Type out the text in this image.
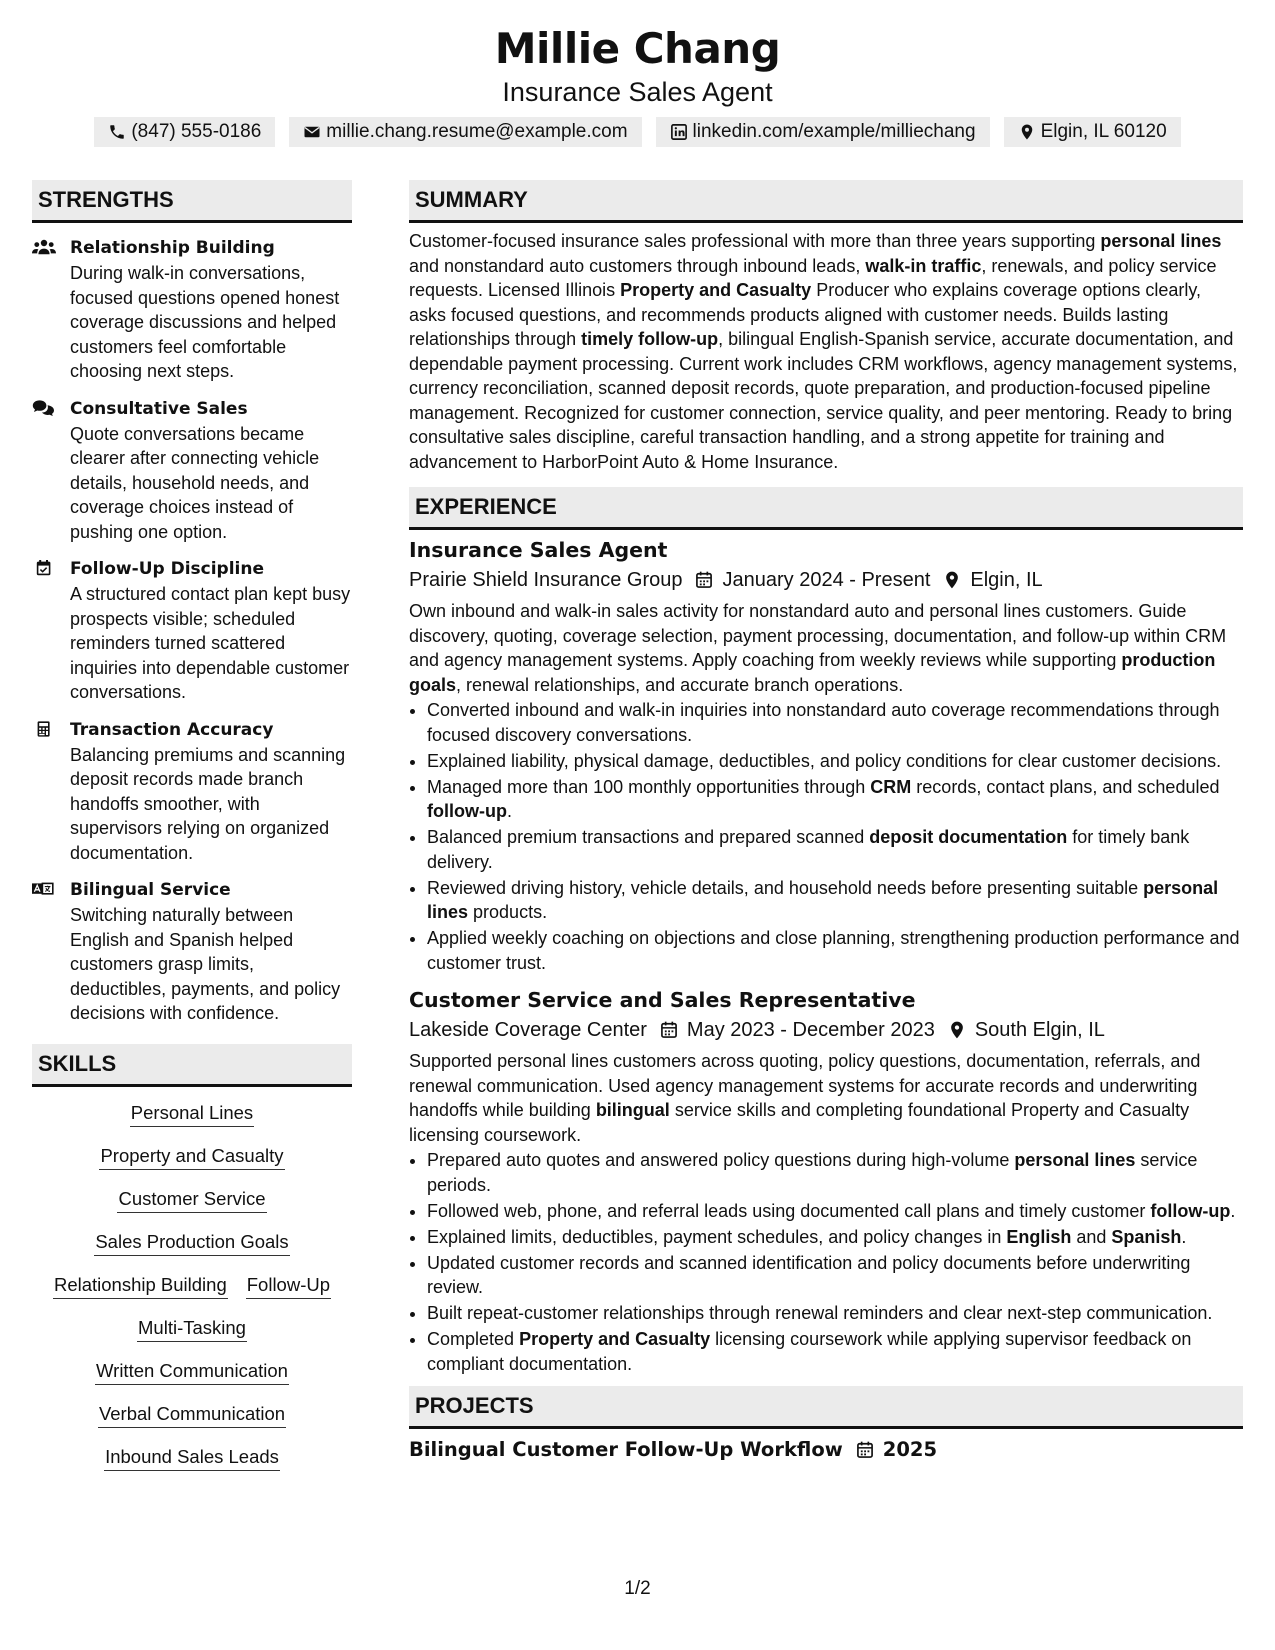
Millie Chang
Insurance Sales Agent
(847) 555-0186	millie.chang.resume@example.com	linkedin.com/example/milliechang	Elgin, IL 60120
STRENGTHS
Relationship Building
During walk-in conversations, focused questions opened honest coverage discussions and helped customers feel comfortable choosing next steps.
Consultative Sales
Quote conversations became clearer after connecting vehicle details, household needs, and coverage choices instead of pushing one option.
Follow-Up Discipline
A structured contact plan kept busy prospects visible; scheduled reminders turned scattered inquiries into dependable customer conversations.
Transaction Accuracy
Balancing premiums and scanning deposit records made branch handoffs smoother, with supervisors relying on organized documentation.
Bilingual Service
Switching naturally between English and Spanish helped customers grasp limits, deductibles, payments, and policy decisions with confidence.
SKILLS
Personal Lines
Property and Casualty
Customer Service
Sales Production Goals
Relationship Building Follow-Up
Multi-Tasking
Written Communication
Verbal Communication
Inbound Sales Leads
SUMMARY

Customer-focused insurance sales professional with more than three years supporting personal lines and nonstandard auto customers through inbound leads, walk-in traffic, renewals, and policy service requests. Licensed Illinois Property and Casualty Producer who explains coverage options clearly, asks focused questions, and recommends products aligned with customer needs. Builds lasting relationships through timely follow-up, bilingual English-Spanish service, accurate documentation, and dependable payment processing. Current work includes CRM workflows, agency management systems, currency reconciliation, scanned deposit records, quote preparation, and production-focused pipeline management. Recognized for customer connection, service quality, and peer mentoring. Ready to bring consultative sales discipline, careful transaction handling, and a strong appetite for training and advancement to HarborPoint Auto & Home Insurance.

EXPERIENCE
Insurance Sales Agent
Prairie Shield Insurance Group January 2024 - Present Elgin, IL

Own inbound and walk-in sales activity for nonstandard auto and personal lines customers. Guide discovery, quoting, coverage selection, payment processing, documentation, and follow-up within CRM and agency management systems. Apply coaching from weekly reviews while supporting production goals, renewal relationships, and accurate branch operations.

• Converted inbound and walk-in inquiries into nonstandard auto coverage recommendations through focused discovery conversations.
• Explained liability, physical damage, deductibles, and policy conditions for clear customer decisions.
• Managed more than 100 monthly opportunities through CRM records, contact plans, and scheduled follow-up.
• Balanced premium transactions and prepared scanned deposit documentation for timely bank delivery.
• Reviewed driving history, vehicle details, and household needs before presenting suitable personal lines products.
• Applied weekly coaching on objections and close planning, strengthening production performance and customer trust.
Customer Service and Sales Representative
Lakeside Coverage Center May 2023 - December 2023 South Elgin, IL

Supported personal lines customers across quoting, policy questions, documentation, referrals, and renewal communication. Used agency management systems for accurate records and underwriting handoffs while building bilingual service skills and completing foundational Property and Casualty licensing coursework.

• Prepared auto quotes and answered policy questions during high-volume personal lines service periods.
• Followed web, phone, and referral leads using documented call plans and timely customer follow-up.
• Explained limits, deductibles, payment schedules, and policy changes in English and Spanish.
• Updated customer records and scanned identification and policy documents before underwriting review.
• Built repeat-customer relationships through renewal reminders and clear next-step communication.
• Completed Property and Casualty licensing coursework while applying supervisor feedback on compliant documentation.
PROJECTS
Bilingual Customer Follow-Up Workflow 2025
1/2
